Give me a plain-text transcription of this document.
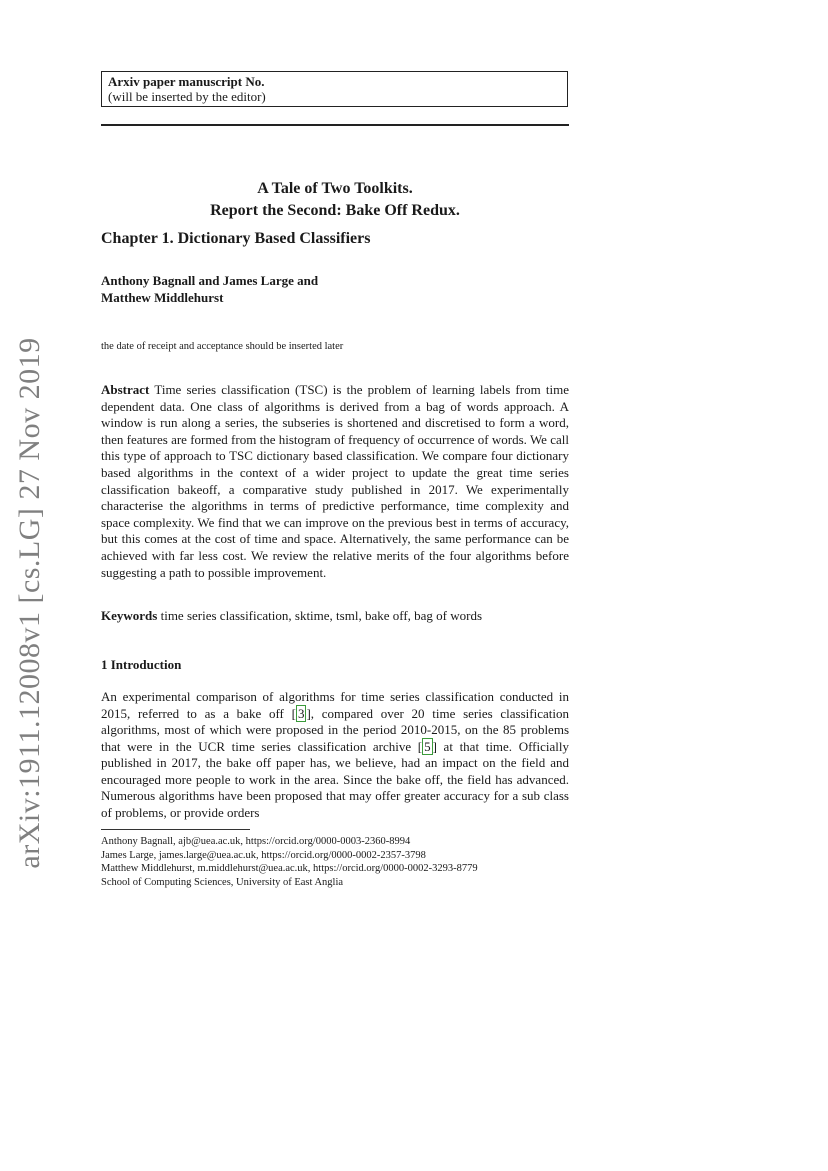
arXiv:1911.12008v1 [cs.LG] 27 Nov 2019
Arxiv paper manuscript No.
(will be inserted by the editor)
A Tale of Two Toolkits.
Report the Second: Bake Off Redux.
Chapter 1. Dictionary Based Classifiers
Anthony Bagnall and James Large and
Matthew Middlehurst
the date of receipt and acceptance should be inserted later
Abstract Time series classification (TSC) is the problem of learning labels from time dependent data. One class of algorithms is derived from a bag of words approach. A window is run along a series, the subseries is shortened and discretised to form a word, then features are formed from the histogram of frequency of occurrence of words. We call this type of approach to TSC dictionary based classification. We compare four dictionary based algorithms in the context of a wider project to update the great time series classification bakeoff, a comparative study published in 2017. We experimentally characterise the algorithms in terms of predictive performance, time complexity and space complexity. We find that we can improve on the previous best in terms of accuracy, but this comes at the cost of time and space. Alternatively, the same performance can be achieved with far less cost. We review the relative merits of the four algorithms before suggesting a path to possible improvement.
Keywords time series classification, sktime, tsml, bake off, bag of words
1 Introduction
An experimental comparison of algorithms for time series classification conducted in 2015, referred to as a bake off [ 3 ], compared over 20 time series classification algorithms, most of which were proposed in the period 2010-2015, on the 85 problems that were in the UCR time series classification archive [ 5 ] at that time. Officially published in 2017, the bake off paper has, we believe, had an impact on the field and encouraged more people to work in the area. Since the bake off, the field has advanced. Numerous algorithms have been proposed that may offer greater accuracy for a sub class of problems, or provide orders
Anthony Bagnall, ajb@uea.ac.uk, https://orcid.org/0000-0003-2360-8994
James Large, james.large@uea.ac.uk, https://orcid.org/0000-0002-2357-3798
Matthew Middlehurst, m.middlehurst@uea.ac.uk, https://orcid.org/0000-0002-3293-8779
School of Computing Sciences, University of East Anglia
